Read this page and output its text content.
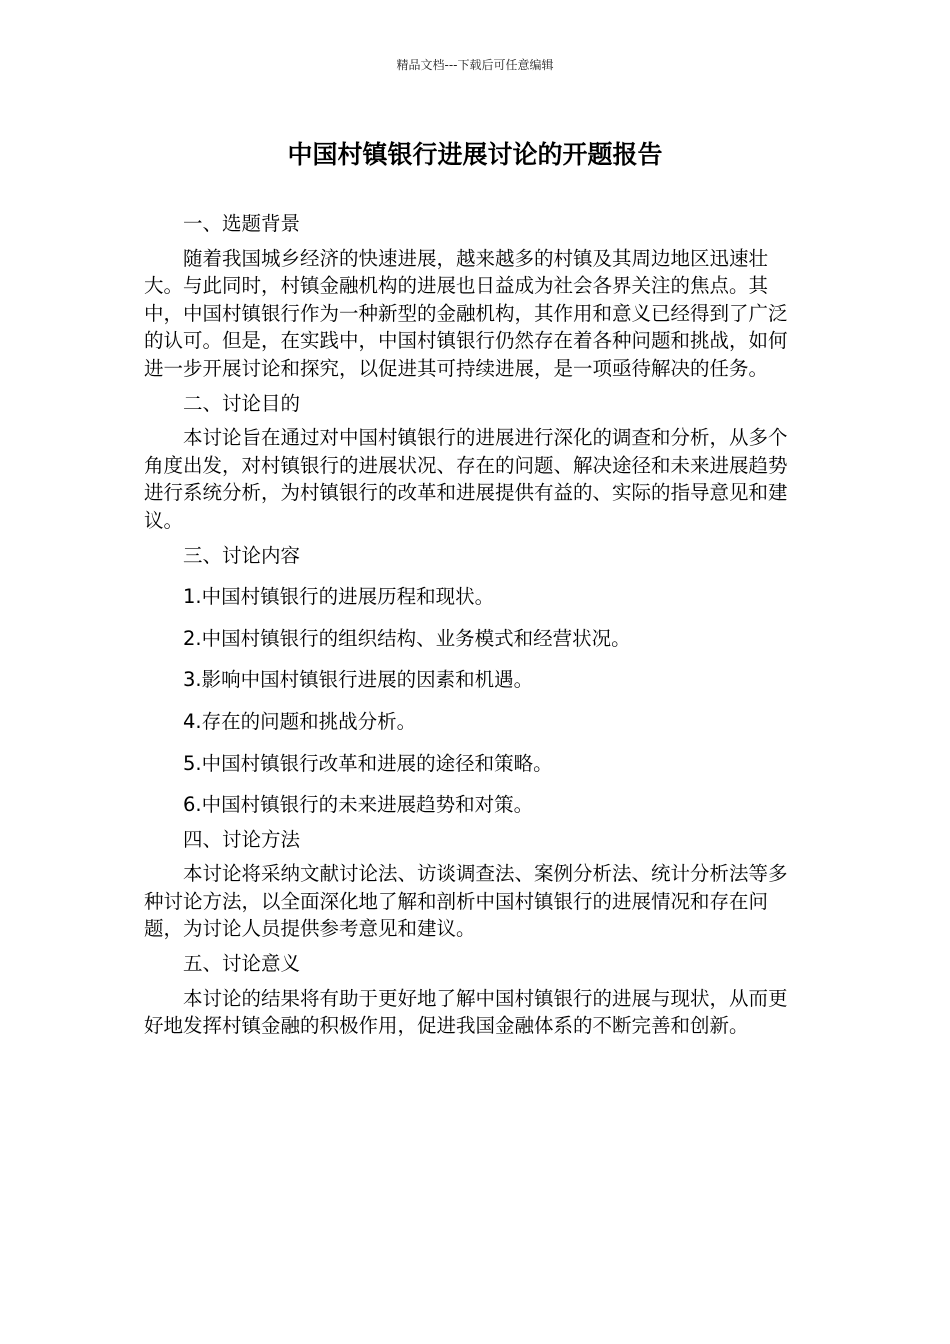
精品文档---下载后可任意编辑
中国村镇银行进展讨论的开题报告

一、选题背景

随着我国城乡经济的快速进展，越来越多的村镇及其周边地区迅速壮大。与此同时，村镇金融机构的进展也日益成为社会各界关注的焦点。其中，中国村镇银行作为一种新型的金融机构，其作用和意义已经得到了广泛的认可。但是，在实践中，中国村镇银行仍然存在着各种问题和挑战，如何进一步开展讨论和探究，以促进其可持续进展，是一项亟待解决的任务。

二、讨论目的

本讨论旨在通过对中国村镇银行的进展进行深化的调查和分析，从多个角度出发，对村镇银行的进展状况、存在的问题、解决途径和未来进展趋势进行系统分析，为村镇银行的改革和进展提供有益的、实际的指导意见和建议。

三、讨论内容

1.中国村镇银行的进展历程和现状。

2.中国村镇银行的组织结构、业务模式和经营状况。

3.影响中国村镇银行进展的因素和机遇。

4.存在的问题和挑战分析。

5.中国村镇银行改革和进展的途径和策略。

6.中国村镇银行的未来进展趋势和对策。

四、讨论方法

本讨论将采纳文献讨论法、访谈调查法、案例分析法、统计分析法等多种讨论方法，以全面深化地了解和剖析中国村镇银行的进展情况和存在问题，为讨论人员提供参考意见和建议。

五、讨论意义

本讨论的结果将有助于更好地了解中国村镇银行的进展与现状，从而更好地发挥村镇金融的积极作用，促进我国金融体系的不断完善和创新。
